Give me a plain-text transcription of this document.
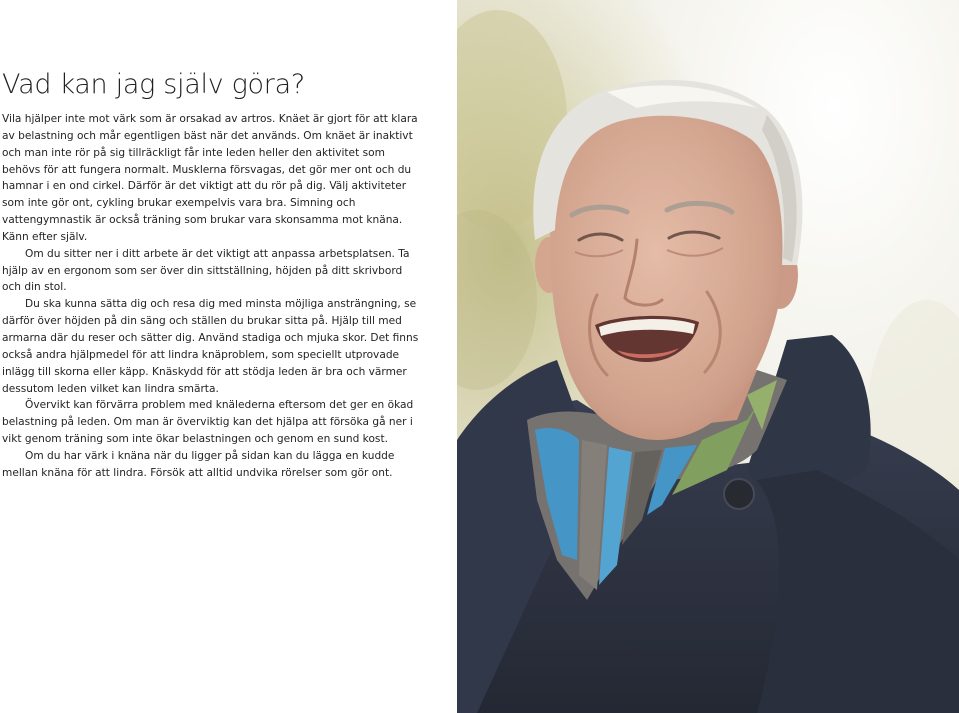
Vad kan jag själv göra?

Vila hjälper inte mot värk som är orsakad av artros. Knäet är gjort för att klara av belastning och mår egentligen bäst när det används. Om knäet är inaktivt och man inte rör på sig tillräckligt får inte leden heller den aktivitet som behövs för att fungera normalt. Musklerna försvagas, det gör mer ont och du hamnar i en ond cirkel. Därför är det viktigt att du rör på dig. Välj aktiviteter som inte gör ont, cykling brukar exempelvis vara bra. Simning och vattengymnastik är också träning som brukar vara skonsamma mot knäna. Känn efter själv.

Om du sitter ner i ditt arbete är det viktigt att anpassa arbetsplatsen. Ta hjälp av en ergonom som ser över din sittställning, höjden på ditt skrivbord och din stol.

Du ska kunna sätta dig och resa dig med minsta möjliga ansträngning, se därför över höjden på din säng och ställen du brukar sitta på. Hjälp till med armarna där du reser och sätter dig. Använd stadiga och mjuka skor. Det finns också andra hjälpmedel för att lindra knäproblem, som speciellt utprovade inlägg till skorna eller käpp. Knäskydd för att stödja leden är bra och värmer dessutom leden vilket kan lindra smärta.

Övervikt kan förvärra problem med knälederna eftersom det ger en ökad belastning på leden. Om man är överviktig kan det hjälpa att försöka gå ner i vikt genom träning som inte ökar belastningen och genom en sund kost.

Om du har värk i knäna när du ligger på sidan kan du lägga en kudde mellan knäna för att lindra. Försök att alltid undvika rörelser som gör ont.
